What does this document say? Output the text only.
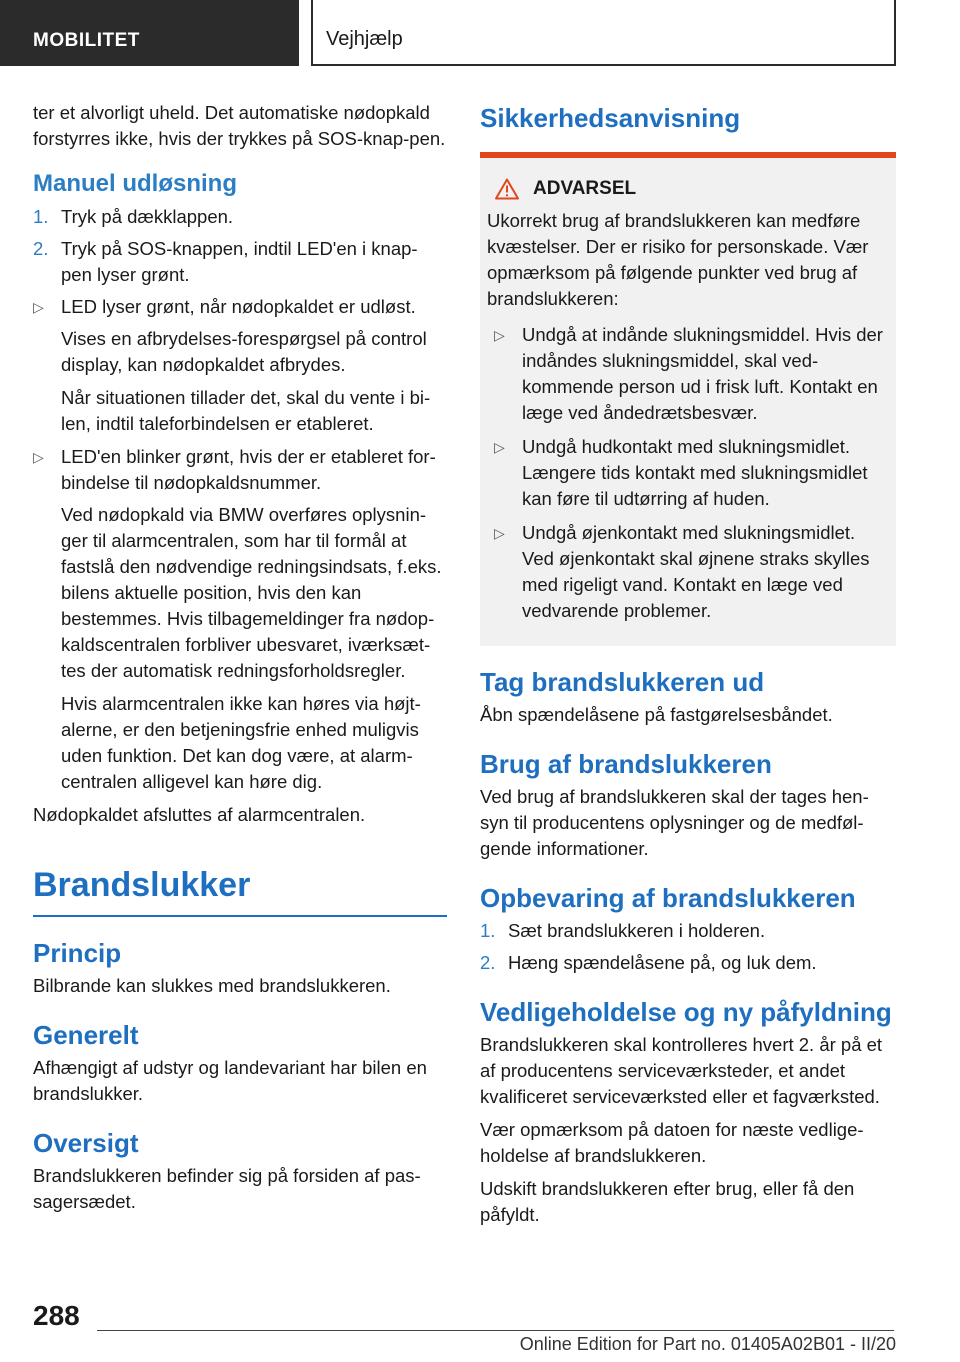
MOBILITET	Vejhjælp

ter et alvorligt uheld. Det automatiske nødopkald forstyrres ikke, hvis der trykkes på SOS-knap-pen.

Manuel udløsning
1. Tryk på dækklappen.
2. Tryk på SOS-knappen, indtil LED'en i knap-pen lyser grønt.
▷ LED lyser grønt, når nødopkaldet er udløst.

Vises en afbrydelses-forespørgsel på control display, kan nødopkaldet afbrydes.

Når situationen tillader det, skal du vente i bi-len, indtil taleforbindelsen er etableret.

▷ LED'en blinker grønt, hvis der er etableret for-bindelse til nødopkaldsnummer.

Ved nødopkald via BMW overføres oplysnin-ger til alarmcentralen, som har til formål at fastslå den nødvendige redningsindsats, f.eks. bilens aktuelle position, hvis den kan bestemmes. Hvis tilbagemeldinger fra nødop-kaldscentralen forbliver ubesvaret, iværksæt-tes der automatisk redningsforholdsregler.

Hvis alarmcentralen ikke kan høres via højt-alerne, er den betjeningsfrie enhed muligvis uden funktion. Det kan dog være, at alarm-centralen alligevel kan høre dig.

Nødopkaldet afsluttes af alarmcentralen.

Brandslukker
Princip

Bilbrande kan slukkes med brandslukkeren.

Generelt

Afhængigt af udstyr og landevariant har bilen en brandslukker.

Oversigt

Brandslukkeren befinder sig på forsiden af pas-sagersædet.

Sikkerhedsanvisning
ADVARSEL

Ukorrekt brug af brandslukkeren kan medføre kvæstelser. Der er risiko for personskade. Vær opmærksom på følgende punkter ved brug af brandslukkeren:

▷ Undgå at indånde slukningsmiddel. Hvis der indåndes slukningsmiddel, skal ved-kommende person ud i frisk luft. Kontakt en læge ved åndedrætsbesvær.
▷ Undgå hudkontakt med slukningsmidlet. Længere tids kontakt med slukningsmidlet kan føre til udtørring af huden.
▷ Undgå øjenkontakt med slukningsmidlet. Ved øjenkontakt skal øjnene straks skylles med rigeligt vand. Kontakt en læge ved vedvarende problemer.
Tag brandslukkeren ud

Åbn spændelåsene på fastgørelsesbåndet.

Brug af brandslukkeren

Ved brug af brandslukkeren skal der tages hen-syn til producentens oplysninger og de medføl-gende informationer.

Opbevaring af brandslukkeren
1. Sæt brandslukkeren i holderen.
2. Hæng spændelåsene på, og luk dem.
Vedligeholdelse og ny påfyldning

Brandslukkeren skal kontrolleres hvert 2. år på et af producentens serviceværksteder, et andet kvalificeret serviceværksted eller et fagværksted.

Vær opmærksom på datoen for næste vedlige-holdelse af brandslukkeren.

Udskift brandslukkeren efter brug, eller få den påfyldt.

288
Online Edition for Part no. 01405A02B01 - II/20
